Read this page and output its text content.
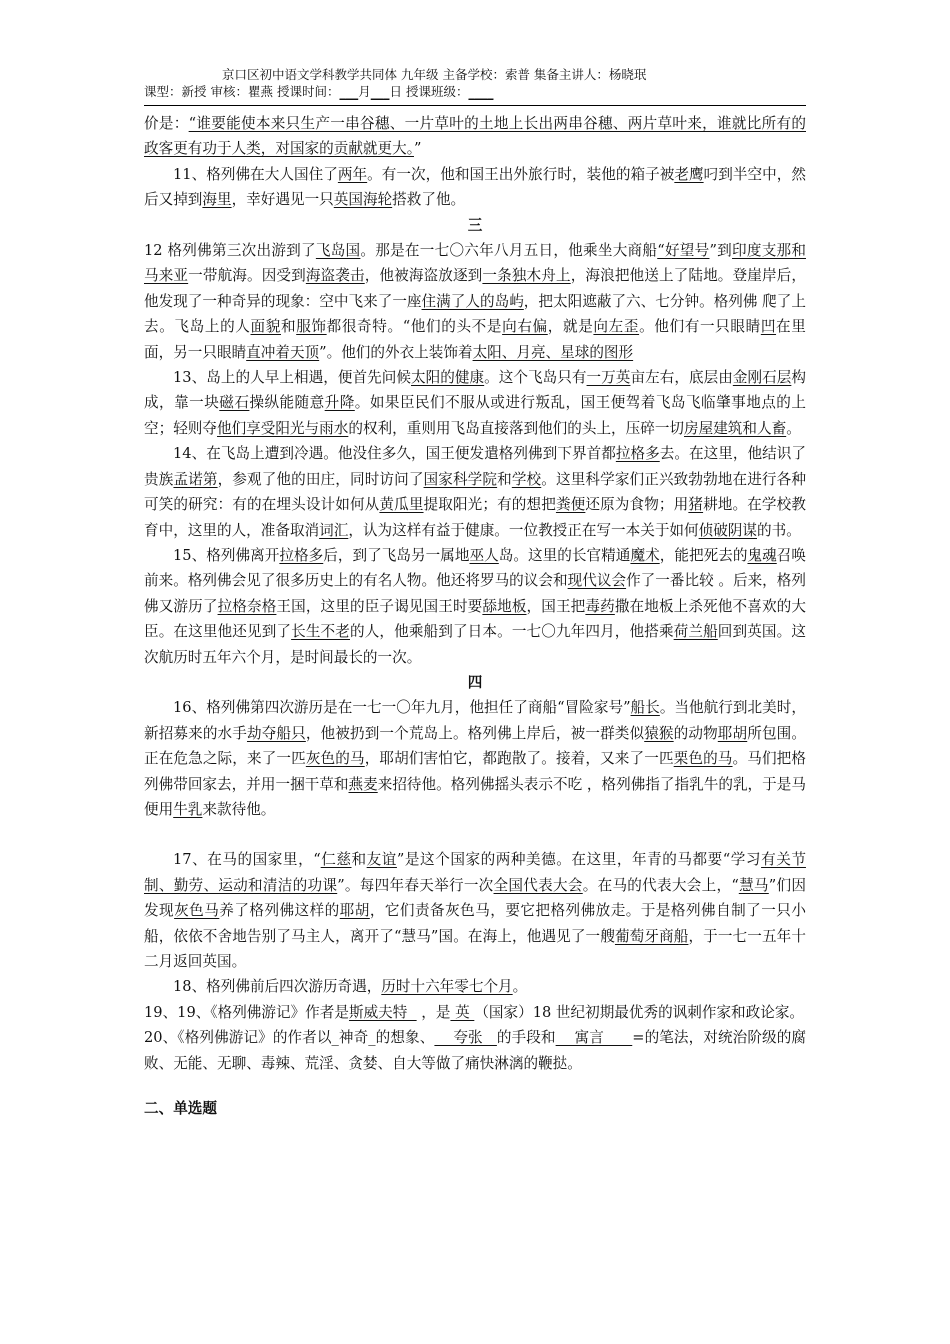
京口区初中语文学科教学共同体 九年级 主备学校：索普 集备主讲人：杨晓珉
课型：新授 审核：瞿燕 授课时间：___月___日 授课班级：____

价是：“谁要能使本来只生产一串谷穗、一片草叶的土地上长出两串谷穗、两片草叶来，谁就比所有的政客更有功于人类，对国家的贡献就更大。”

11、格列佛在大人国住了两年。有一次，他和国王出外旅行时，装他的箱子被老鹰叼到半空中，然后又掉到海里，幸好遇见一只英国海轮搭救了他。

三

12 格列佛第三次出游到了飞岛国。那是在一七〇六年八月五日，他乘坐大商船“好望号”到印度支那和马来亚一带航海。因受到海盗袭击，他被海盗放逐到一条独木舟上，海浪把他送上了陆地。登崖岸后，他发现了一种奇异的现象：空中飞来了一座住满了人的岛屿，把太阳遮蔽了六、七分钟。格列佛 爬了上去。飞岛上的人面貌和服饰都很奇特。“他们的头不是向右偏，就是向左歪。他们有一只眼睛凹在里面，另一只眼睛直冲着天顶”。他们的外衣上装饰着太阳、月亮、星球的图形

13、岛上的人早上相遇，便首先问候太阳的健康。这个飞岛只有一万英亩左右，底层由金刚石层构成，靠一块磁石操纵能随意升降。如果臣民们不服从或进行叛乱，国王便驾着飞岛飞临肇事地点的上空；轻则夺他们享受阳光与雨水的权利，重则用飞岛直接落到他们的头上，压碎一切房屋建筑和人畜。

14、在飞岛上遭到冷遇。他没住多久，国王便发遣格列佛到下界首都拉格多去。在这里，他结识了贵族孟诺第，参观了他的田庄，同时访问了国家科学院和学校。这里科学家们正兴致勃勃地在进行各种可笑的研究：有的在埋头设计如何从黄瓜里提取阳光；有的想把粪便还原为食物；用猪耕地。在学校教育中，这里的人，准备取消词汇，认为这样有益于健康。一位教授正在写一本关于如何侦破阴谋的书。

15、格列佛离开拉格多后，到了飞岛另一属地巫人岛。这里的长官精通魔术，能把死去的鬼魂召唤前来。格列佛会见了很多历史上的有名人物。他还将罗马的议会和现代议会作了一番比较 。后来，格列佛又游历了拉格奈格王国，这里的臣子谒见国王时要舔地板，国王把毒药撒在地板上杀死他不喜欢的大臣。在这里他还见到了长生不老的人，他乘船到了日本。一七〇九年四月，他搭乘荷兰船回到英国。这次航历时五年六个月，是时间最长的一次。

四

16、格列佛第四次游历是在一七一〇年九月，他担任了商船“冒险家号”船长。当他航行到北美时，新招募来的水手劫夺船只，他被扔到一个荒岛上。格列佛上岸后，被一群类似猿猴的动物耶胡所包围。正在危急之际，来了一匹灰色的马，耶胡们害怕它，都跑散了。接着，又来了一匹栗色的马。马们把格列佛带回家去，并用一捆干草和燕麦来招待他。格列佛摇头表示不吃 ，格列佛指了指乳牛的乳，于是马便用牛乳来款待他。

17、在马的国家里，“仁慈和友谊”是这个国家的两种美德。在这里，年青的马都要“学习有关节制、勤劳、运动和清洁的功课”。每四年春天举行一次全国代表大会。在马的代表大会上，“慧马”们因发现灰色马养了格列佛这样的耶胡，它们责备灰色马，要它把格列佛放走。于是格列佛自制了一只小船，依依不舍地告别了马主人，离开了“慧马”国。在海上，他遇见了一艘葡萄牙商船，于一七一五年十二月返回英国。

18、格列佛前后四次游历奇遇，历时十六年零七个月。

19、19、《格列佛游记》作者是斯威夫特   ，是 英 （国家）18 世纪初期最优秀的讽刺作家和政论家。

20、《格列佛游记》的作者以_神奇_的想象、    夸张   的手段和    寓言      =的笔法，对统治阶级的腐败、无能、无聊、毒辣、荒淫、贪婪、自大等做了痛快淋漓的鞭挞。

二、单选题
